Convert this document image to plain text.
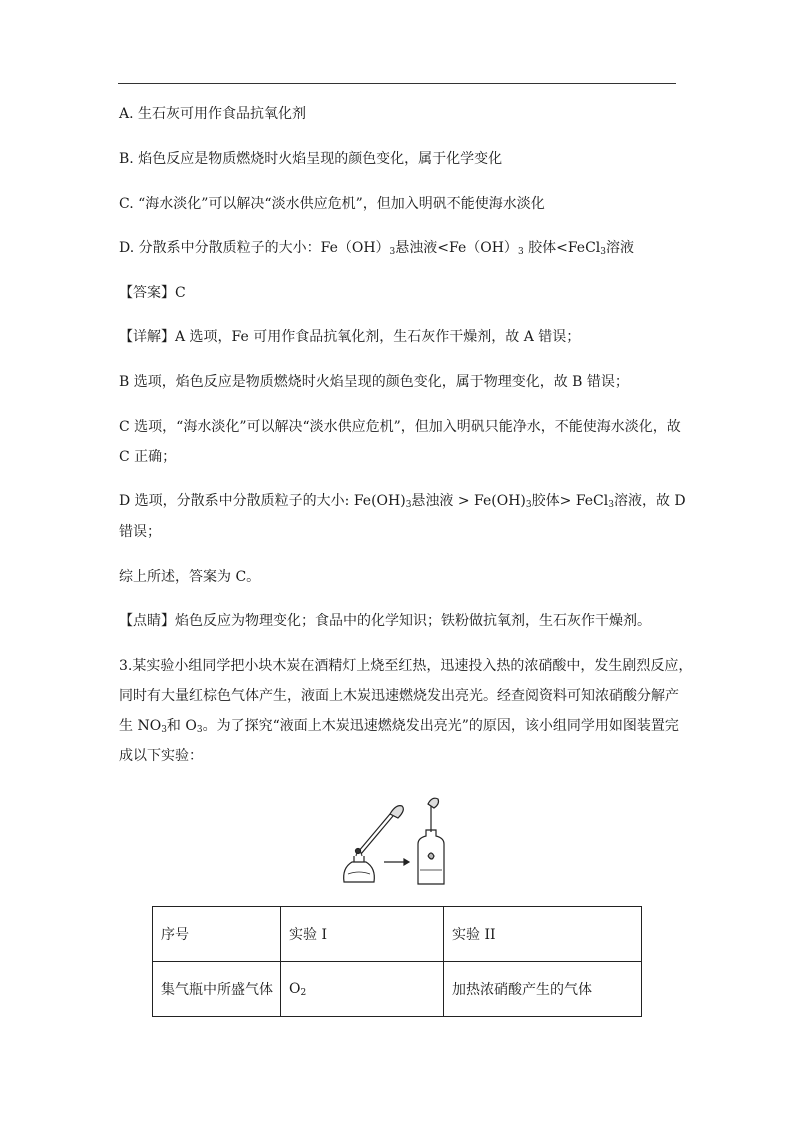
A. 生石灰可用作食品抗氧化剂
B. 焰色反应是物质燃烧时火焰呈现的颜色变化，属于化学变化
C. “海水淡化”可以解决“淡水供应危机”，但加入明矾不能使海水淡化
D. 分散系中分散质粒子的大小：$Fe(OH)_3$悬浊液$<Fe(OH)_3$ 胶体<FeCl$_3$溶液
【答案】C
【详解】A 选项，Fe 可用作食品抗氧化剂，生石灰作干燥剂，故 A 错误；
B 选项，焰色反应是物质燃烧时火焰呈现的颜色变化，属于物理变化，故 B 错误；
C 选项，“海水淡化”可以解决“淡水供应危机”，但加入明矾只能净水，不能使海水淡化，故
C 正确；
D 选项，分散系中分散质粒子的大小: $Fe(OH)_3$悬浊液 > $Fe(OH)_3$胶体> FeCl$_3$溶液，故 D
错误；
综上所述，答案为 C。
【点睛】焰色反应为物理变化；食品中的化学知识；铁粉做抗氧剂，生石灰作干燥剂。
3.某实验小组同学把小块木炭在酒精灯上烧至红热，迅速投入热的浓硝酸中，发生剧烈反应，
同时有大量红棕色气体产生，液面上木炭迅速燃烧发出亮光。经查阅资料可知浓硝酸分解产
生 $NO_3$和 $O_3$。为了探究“液面上木炭迅速燃烧发出亮光”的原因，该小组同学用如图装置完
成以下实验：
序号	实验 I	实验 II
集气瓶中所盛气体	$O_2$	加热浓硝酸产生的气体
